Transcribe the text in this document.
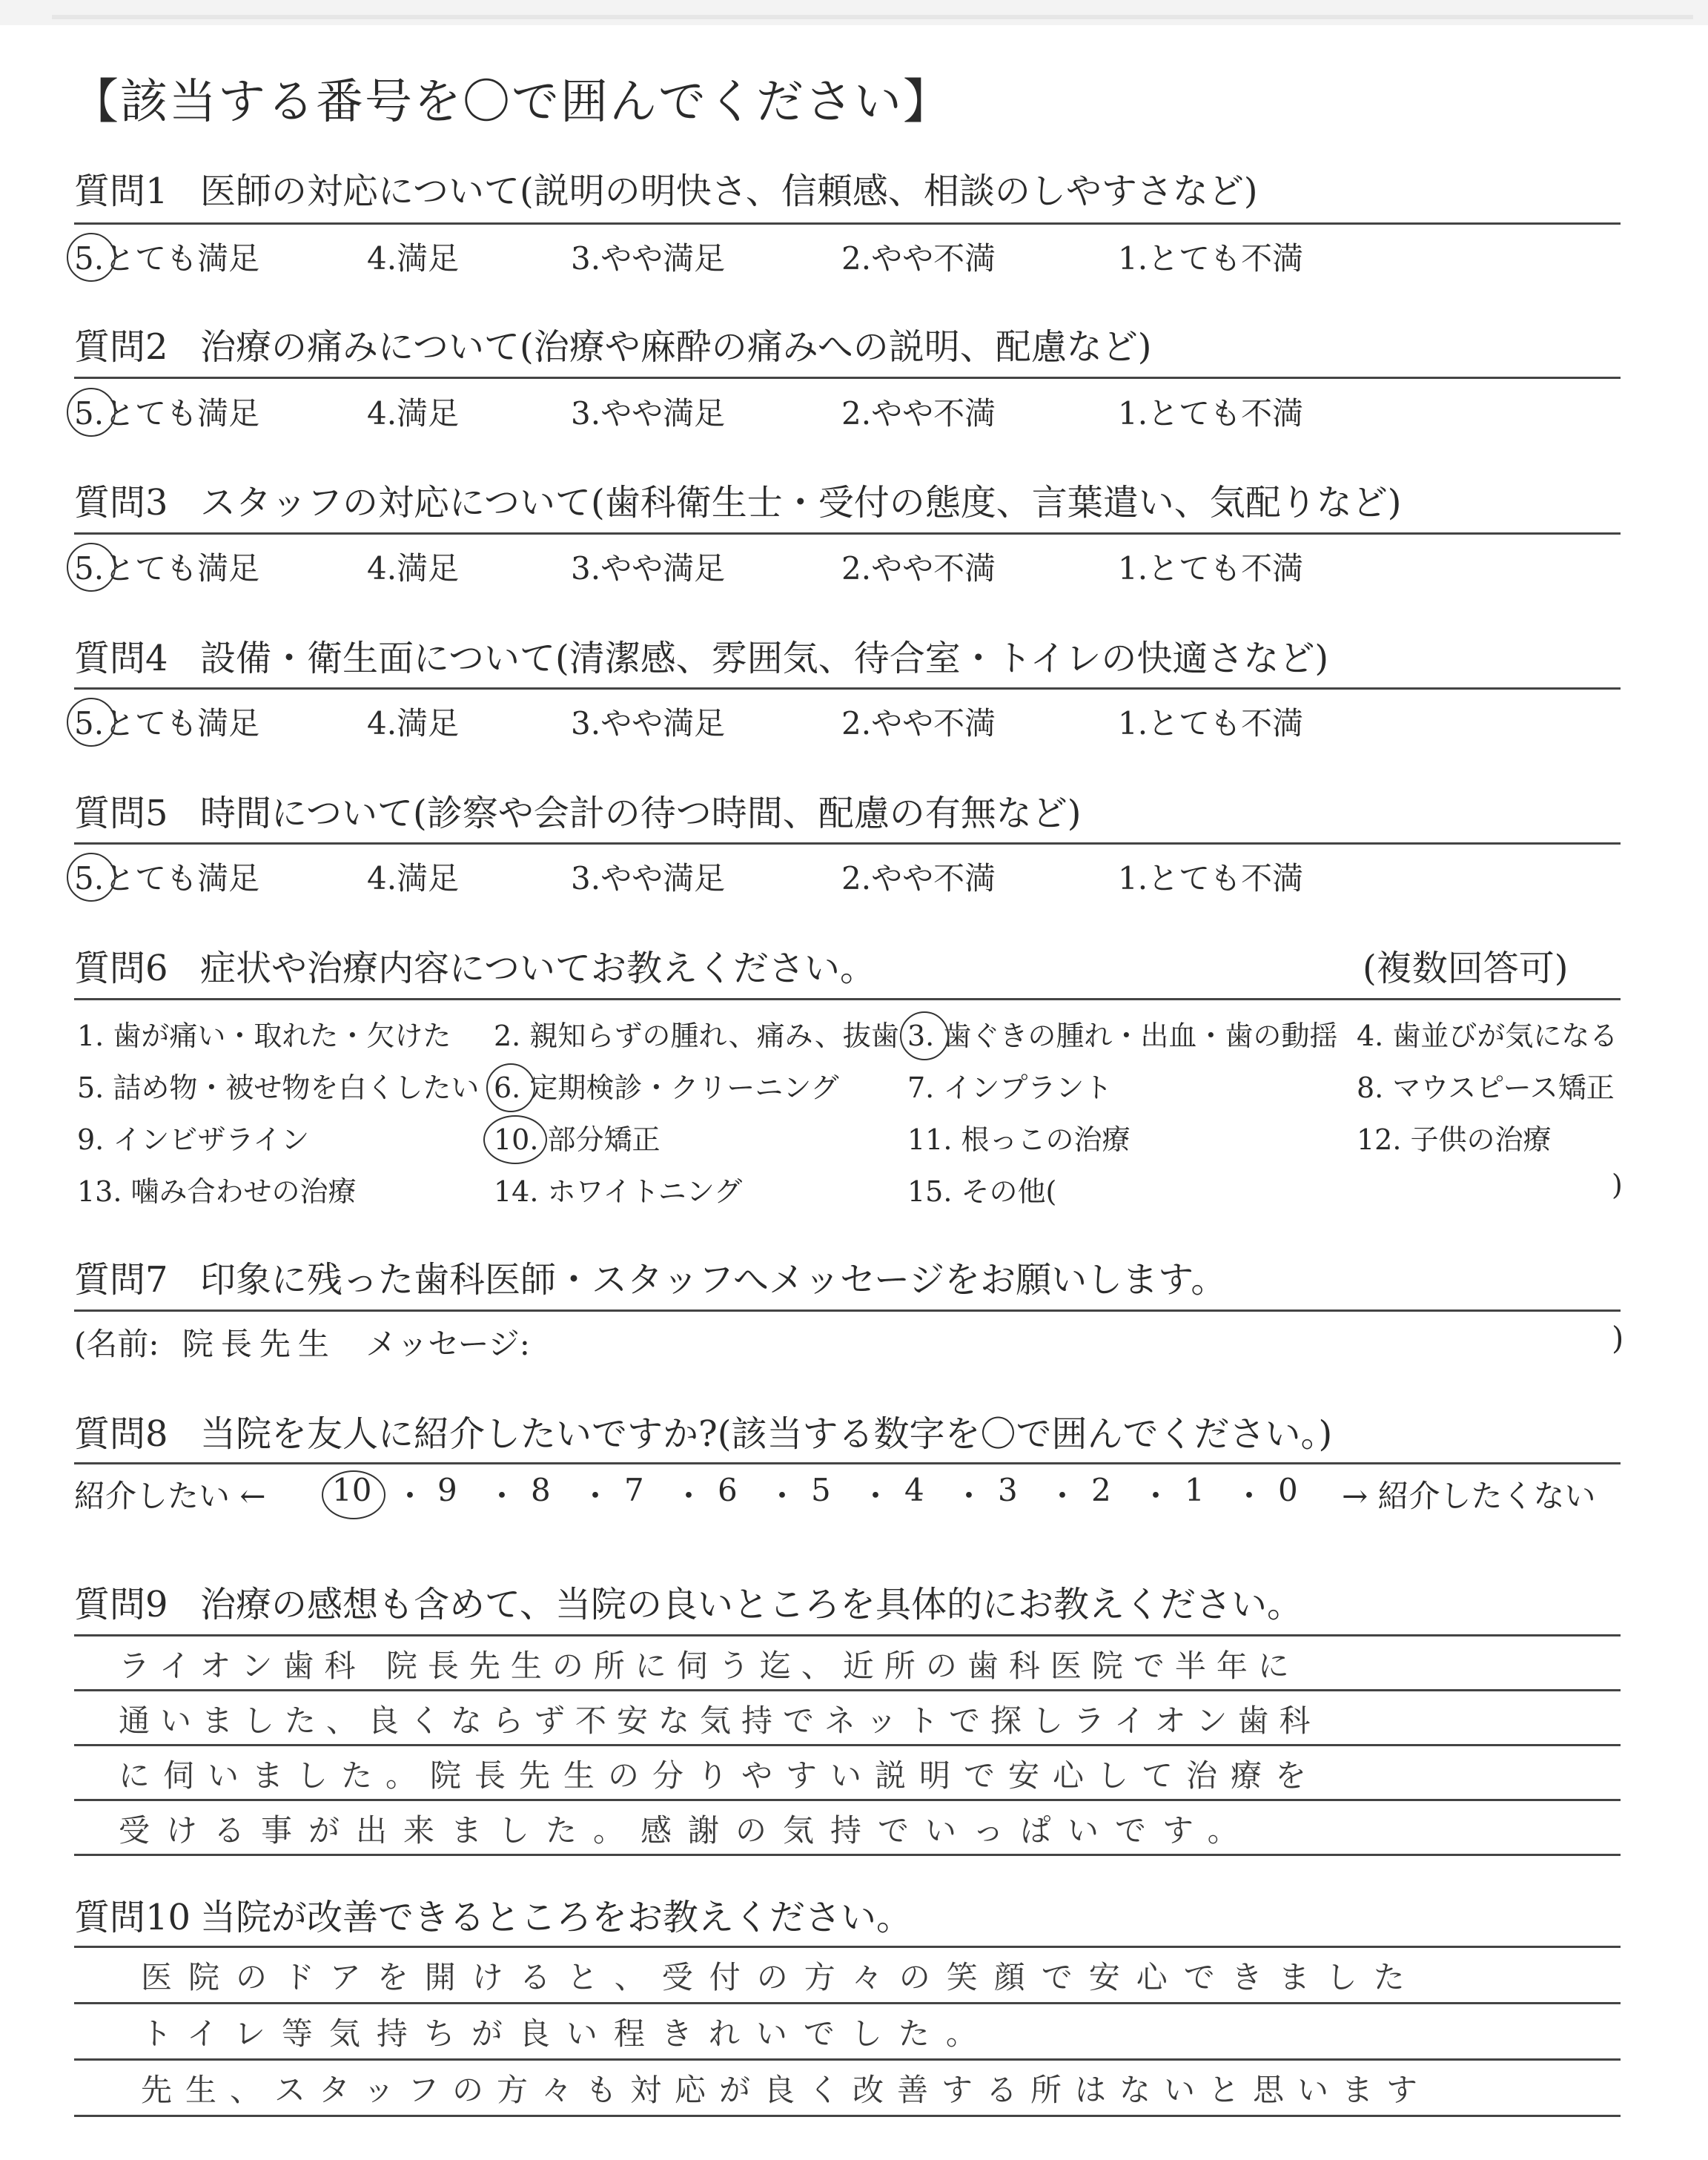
【該当する番号を〇で囲んでください】
質問1 医師の対応について(説明の明快さ、信頼感、相談のしやすさなど)
5.とても満足	4.満足	3.やや満足	2.やや不満	1.とても不満
質問2 治療の痛みについて(治療や麻酔の痛みへの説明、配慮など)
5.とても満足	4.満足	3.やや満足	2.やや不満	1.とても不満
質問3 スタッフの対応について(歯科衛生士・受付の態度、言葉遣い、気配りなど)
5.とても満足	4.満足	3.やや満足	2.やや不満	1.とても不満
質問4 設備・衛生面について(清潔感、雰囲気、待合室・トイレの快適さなど)
5.とても満足	4.満足	3.やや満足	2.やや不満	1.とても不満
質問5 時間について(診察や会計の待つ時間、配慮の有無など)
5.とても満足	4.満足	3.やや満足	2.やや不満	1.とても不満
質問6 症状や治療内容についてお教えください。	(複数回答可)
1. 歯が痛い・取れた・欠けた 2. 親知らずの腫れ、痛み、抜歯 3. 歯ぐきの腫れ・出血・歯の動揺 4. 歯並びが気になる
5. 詰め物・被せ物を白くしたい 6. 定期検診・クリーニング 7. インプラント	8. マウスピース矯正
9. インビザライン	10. 部分矯正	11. 根っこの治療	12. 子供の治療
13. 噛み合わせの治療	14. ホワイトニング	15. その他(	)
質問7 印象に残った歯科医師・スタッフへメッセージをお願いします。
(名前: 院長先生 メッセージ:	)
質問8 当院を友人に紹介したいですか?(該当する数字を〇で囲んでください。)
紹介したい ← 10 ・ 9 ・ 8 ・ 7 ・ 6 ・ 5 ・ 4 ・ 3 ・ 2 ・ 1 ・ 0 → 紹介したくない
質問9 治療の感想も含めて、当院の良いところを具体的にお教えください。
ライオン歯科 院長先生の所に伺う迄、近所の歯科医院で半年に
通いました、良くならず不安な気持でネットで探しライオン歯科
に伺いました。院長先生の分りやすい説明で安心して治療を
受ける事が出来ました。感謝の気持でいっぱいです。
質問10 当院が改善できるところをお教えください。
医院のドアを開けると、受付の方々の笑顔で安心できました
トイレ等気持ちが良い程きれいでした。
先生、スタッフの方々も対応が良く改善する所はないと思います
